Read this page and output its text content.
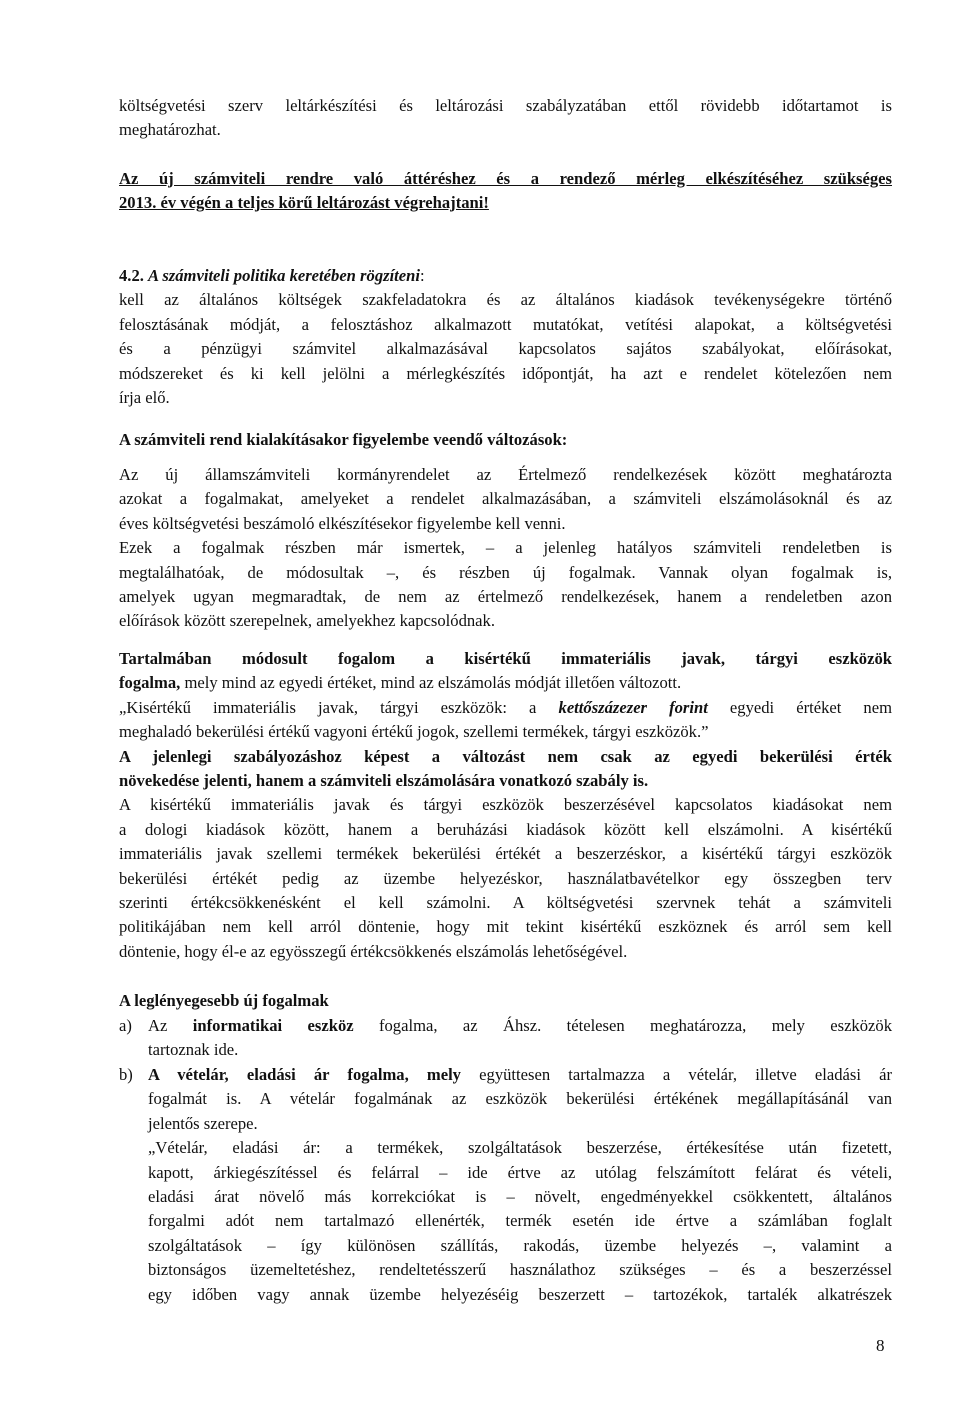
költségvetési szerv leltárkészítési és leltározási szabályzatában ettől rövidebb időtartamot is
meghatározhat.
Az új számviteli rendre való áttéréshez és a rendező mérleg elkészítéséhez szükséges
2013. év végén a teljes körű leltározást végrehajtani!
4.2. A számviteli politika keretében rögzíteni:
kell az általános költségek szakfeladatokra és az általános kiadások tevékenységekre történő
felosztásának módját, a felosztáshoz alkalmazott mutatókat, vetítési alapokat, a költségvetési
és a pénzügyi számvitel alkalmazásával kapcsolatos sajátos szabályokat, előírásokat,
módszereket és ki kell jelölni a mérlegkészítés időpontját, ha azt e rendelet kötelezően nem
írja elő.
A számviteli rend kialakításakor figyelembe veendő változások:
Az új államszámviteli kormányrendelet az Értelmező rendelkezések között meghatározta
azokat a fogalmakat, amelyeket a rendelet alkalmazásában, a számviteli elszámolásoknál és az
éves költségvetési beszámoló elkészítésekor figyelembe kell venni.
Ezek a fogalmak részben már ismertek, – a jelenleg hatályos számviteli rendeletben is
megtalálhatóak, de módosultak –, és részben új fogalmak. Vannak olyan fogalmak is,
amelyek ugyan megmaradtak, de nem az értelmező rendelkezések, hanem a rendeletben azon
előírások között szerepelnek, amelyekhez kapcsolódnak.
Tartalmában módosult fogalom a kisértékű immateriális javak, tárgyi eszközök
fogalma, mely mind az egyedi értéket, mind az elszámolás módját illetően változott.
„Kisértékű immateriális javak, tárgyi eszközök: a kettőszázezer forint egyedi értéket nem
meghaladó bekerülési értékű vagyoni értékű jogok, szellemi termékek, tárgyi eszközök.”
A jelenlegi szabályozáshoz képest a változást nem csak az egyedi bekerülési érték
növekedése jelenti, hanem a számviteli elszámolására vonatkozó szabály is.
A kisértékű immateriális javak és tárgyi eszközök beszerzésével kapcsolatos kiadásokat nem
a dologi kiadások között, hanem a beruházási kiadások között kell elszámolni. A kisértékű
immateriális javak szellemi termékek bekerülési értékét a beszerzéskor, a kisértékű tárgyi eszközök
bekerülési értékét pedig az üzembe helyezéskor, használatbavételkor egy összegben terv
szerinti értékcsökkenésként el kell számolni. A költségvetési szervnek tehát a számviteli
politikájában nem kell arról döntenie, hogy mit tekint kisértékű eszköznek és arról sem kell
döntenie, hogy él-e az egyösszegű értékcsökkenés elszámolás lehetőségével.
A leglényegesebb új fogalmak
a) Az informatikai eszköz fogalma, az Áhsz. tételesen meghatározza, mely eszközök
tartoznak ide.
b) A vételár, eladási ár fogalma, mely együttesen tartalmazza a vételár, illetve eladási ár
fogalmát is. A vételár fogalmának az eszközök bekerülési értékének megállapításánál van
jelentős szerepe.
„Vételár, eladási ár: a termékek, szolgáltatások beszerzése, értékesítése után fizetett,
kapott, árkiegészítéssel és felárral – ide értve az utólag felszámított felárat és vételi,
eladási árat növelő más korrekciókat is – növelt, engedményekkel csökkentett, általános
forgalmi adót nem tartalmazó ellenérték, termék esetén ide értve a számlában foglalt
szolgáltatások – így különösen szállítás, rakodás, üzembe helyezés –, valamint a
biztonságos üzemeltetéshez, rendeltetésszerű használathoz szükséges – és a beszerzéssel
egy időben vagy annak üzembe helyezéséig beszerzett – tartozékok, tartalék alkatrészek
8
